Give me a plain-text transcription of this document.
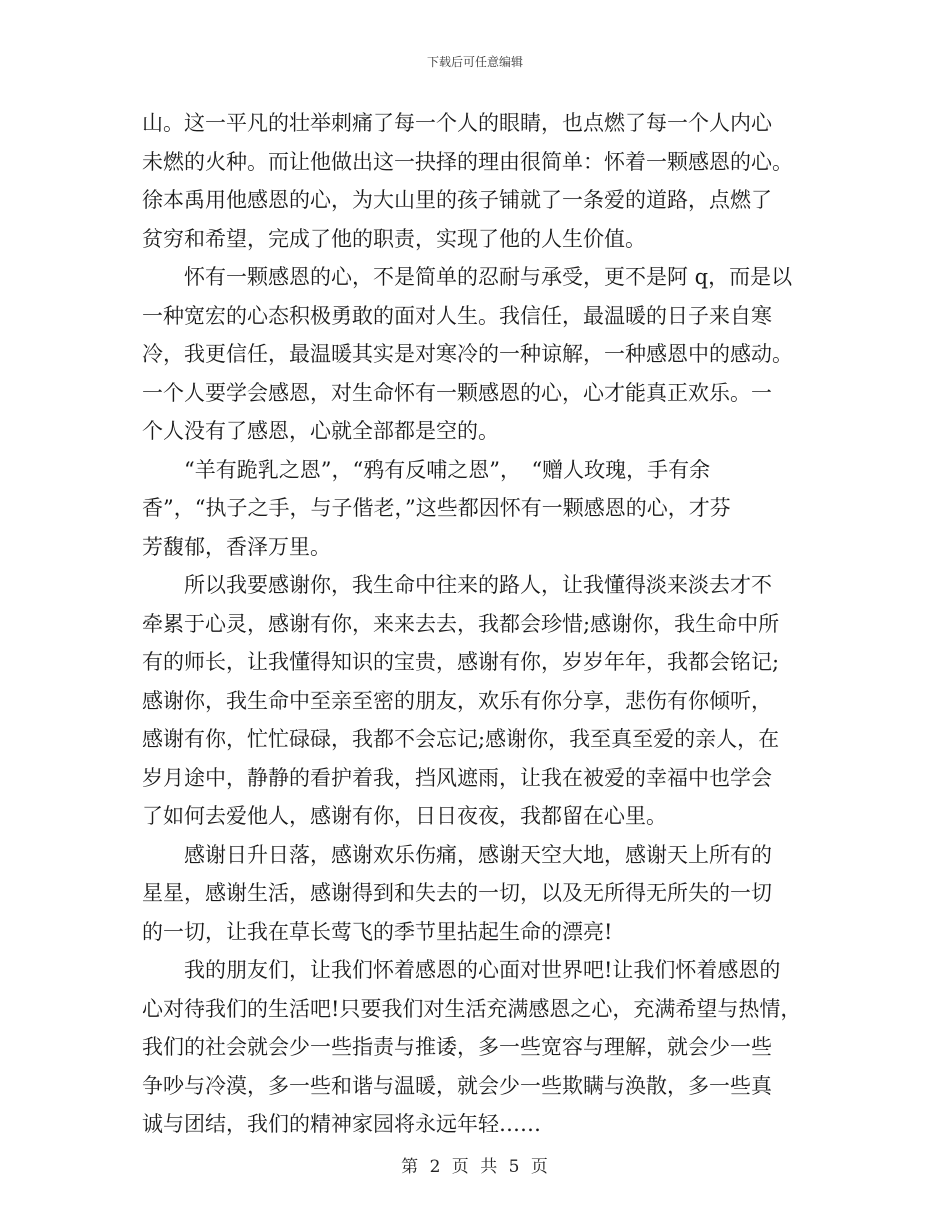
下载后可任意编辑
山。这一平凡的壮举刺痛了每一个人的眼睛，也点燃了每一个人内心
未燃的火种。而让他做出这一抉择的理由很简单：怀着一颗感恩的心。
徐本禹用他感恩的心，为大山里的孩子铺就了一条爱的道路，点燃了
贫穷和希望，完成了他的职责，实现了他的人生价值。
　　怀有一颗感恩的心，不是简单的忍耐与承受，更不是阿 q，而是以
一种宽宏的心态积极勇敢的面对人生。我信任，最温暖的日子来自寒
冷，我更信任，最温暖其实是对寒冷的一种谅解，一种感恩中的感动。
一个人要学会感恩，对生命怀有一颗感恩的心，心才能真正欢乐。一
个人没有了感恩，心就全部都是空的。
　　“羊有跪乳之恩”，“鸦有反哺之恩”，　“赠人玫瑰，手有余
香”，“执子之手，与子偕老，”这些都因怀有一颗感恩的心，才芬
芳馥郁，香泽万里。
　　所以我要感谢你，我生命中往来的路人，让我懂得淡来淡去才不
牵累于心灵，感谢有你，来来去去，我都会珍惜;感谢你，我生命中所
有的师长，让我懂得知识的宝贵，感谢有你，岁岁年年，我都会铭记;
感谢你，我生命中至亲至密的朋友，欢乐有你分享，悲伤有你倾听，
感谢有你，忙忙碌碌，我都不会忘记;感谢你，我至真至爱的亲人，在
岁月途中，静静的看护着我，挡风遮雨，让我在被爱的幸福中也学会
了如何去爱他人，感谢有你，日日夜夜，我都留在心里。
　　感谢日升日落，感谢欢乐伤痛，感谢天空大地，感谢天上所有的
星星，感谢生活，感谢得到和失去的一切，以及无所得无所失的一切
的一切，让我在草长莺飞的季节里拈起生命的漂亮!
　　我的朋友们，让我们怀着感恩的心面对世界吧!让我们怀着感恩的
心对待我们的生活吧!只要我们对生活充满感恩之心，充满希望与热情，
我们的社会就会少一些指责与推诿，多一些宽容与理解，就会少一些
争吵与冷漠，多一些和谐与温暖，就会少一些欺瞒与涣散，多一些真
诚与团结，我们的精神家园将永远年轻……
第 2 页 共 5 页
